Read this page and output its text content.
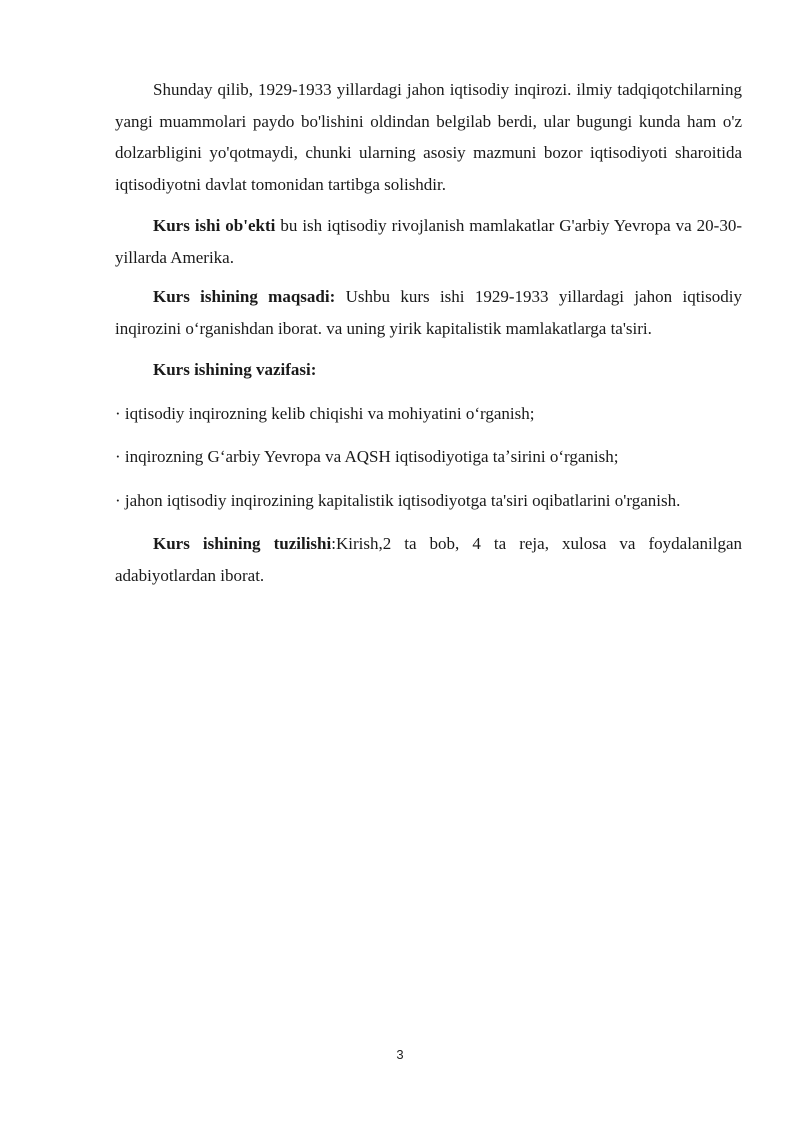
Shunday qilib, 1929-1933 yillardagi jahon iqtisodiy inqirozi. ilmiy tadqiqotchilarning yangi muammolari paydo bo'lishini oldindan belgilab berdi, ular bugungi kunda ham o'z dolzarbligini yo'qotmaydi, chunki ularning asosiy mazmuni bozor iqtisodiyoti sharoitida iqtisodiyotni davlat tomonidan tartibga solishdir.

Kurs ishi ob'ekti bu ish iqtisodiy rivojlanish mamlakatlar G'arbiy Yevropa va 20-30-yillarda Amerika.

Kurs ishining maqsadi: Ushbu kurs ishi 1929-1933 yillardagi jahon iqtisodiy inqirozini oʻrganishdan iborat. va uning yirik kapitalistik mamlakatlarga ta'siri.

Kurs ishining vazifasi:

· iqtisodiy inqirozning kelib chiqishi va mohiyatini oʻrganish;

· inqirozning Gʻarbiy Yevropa va AQSH iqtisodiyotiga taʼsirini oʻrganish;

· jahon iqtisodiy inqirozining kapitalistik iqtisodiyotga ta'siri oqibatlarini o'rganish.

Kurs ishining tuzilishi:Kirish,2 ta bob, 4 ta reja, xulosa va foydalanilgan adabiyotlardan iborat.

3
